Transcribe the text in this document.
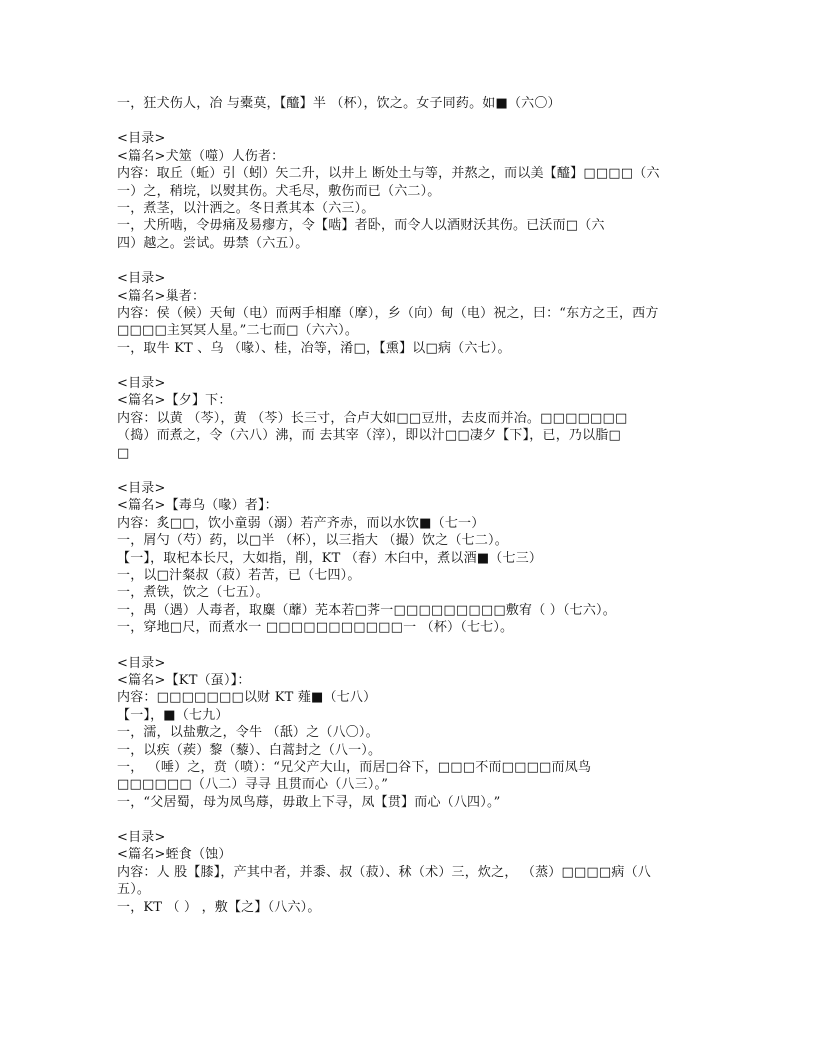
一，狂犬伤人，冶 与橐莫，【醯】半 （杯），饮之。女子同药。如■（六〇）
<目录>
<篇名>犬筮（噬）人伤者：
内容：取丘（蚯）引（蚓）矢二升，以井上 断处土与等，并熬之，而以美【醯】□□□□（六
一）之，稍垸，以熨其伤。犬毛尽，敷伤而已（六二）。
一，煮茎，以汁洒之。冬日煮其本（六三）。
一，犬所啮，令毋痛及易瘳方，令【啮】者卧，而令人以酒财沃其伤。已沃而□（六
四）越之。尝试。毋禁（六五）。
<目录>
<篇名>巢者：
内容：侯（候）天甸（电）而两手相靡（摩），乡（向）甸（电）祝之，曰：“东方之王，西方
□□□□主冥冥人星。”二七而□（六六）。
一，取牛 KT 、乌 （喙）、桂，冶等，淆□，【熏】以□病（六七）。
<目录>
<篇名>【夕】下：
内容：以黄 （芩），黄 （芩）长三寸，合卢大如□□豆卅，去皮而并冶。□□□□□□□
（捣）而煮之，令（六八）沸，而 去其宰（滓），即以汁□□凄夕【下】，已，乃以脂□
□
<目录>
<篇名>【毒乌（喙）者】：
内容：炙□□，饮小童弱（溺）若产齐赤，而以水饮■（七一）
一，屑勺（芍）药，以□半 （杯），以三指大 （撮）饮之（七二）。
【一】，取杞本长尺，大如指，削，KT （舂）木臼中，煮以酒■（七三）
一，以□汁粲叔（菽）若苦，已（七四）。
一，煮铁，饮之（七五）。
一，禺（遇）人毒者，取麋（蘼）芜本若□荠一□□□□□□□□□敷宥（ ）（七六）。
一，穿地□尺，而煮水一 □□□□□□□□□□□一 （杯）（七七）。
<目录>
<篇名>【KT（虿）】：
内容：□□□□□□□以财 KT 薤■（七八）
【一】，■（七九）
一，濡，以盐敷之，令牛 （舐）之（八〇）。
一，以疾（蒺）黎（藜）、白蒿封之（八一）。
一， （唾）之，贲（喷）：“兄父产大山，而居□谷下，□□□不而□□□□而凤鸟
□□□□□□（八二）寻寻 且贯而心（八三）。”
一，“父居蜀，母为凤鸟蓐，毋敢上下寻，凤【贯】而心（八四）。”
<目录>
<篇名>蛭食（蚀）
内容：人 股【膝】，产其中者，并黍、叔（菽）、秫（术）三，炊之， （蒸）□□□□病（八
五）。
一，KT （ ） ，敷【之】（八六）。
